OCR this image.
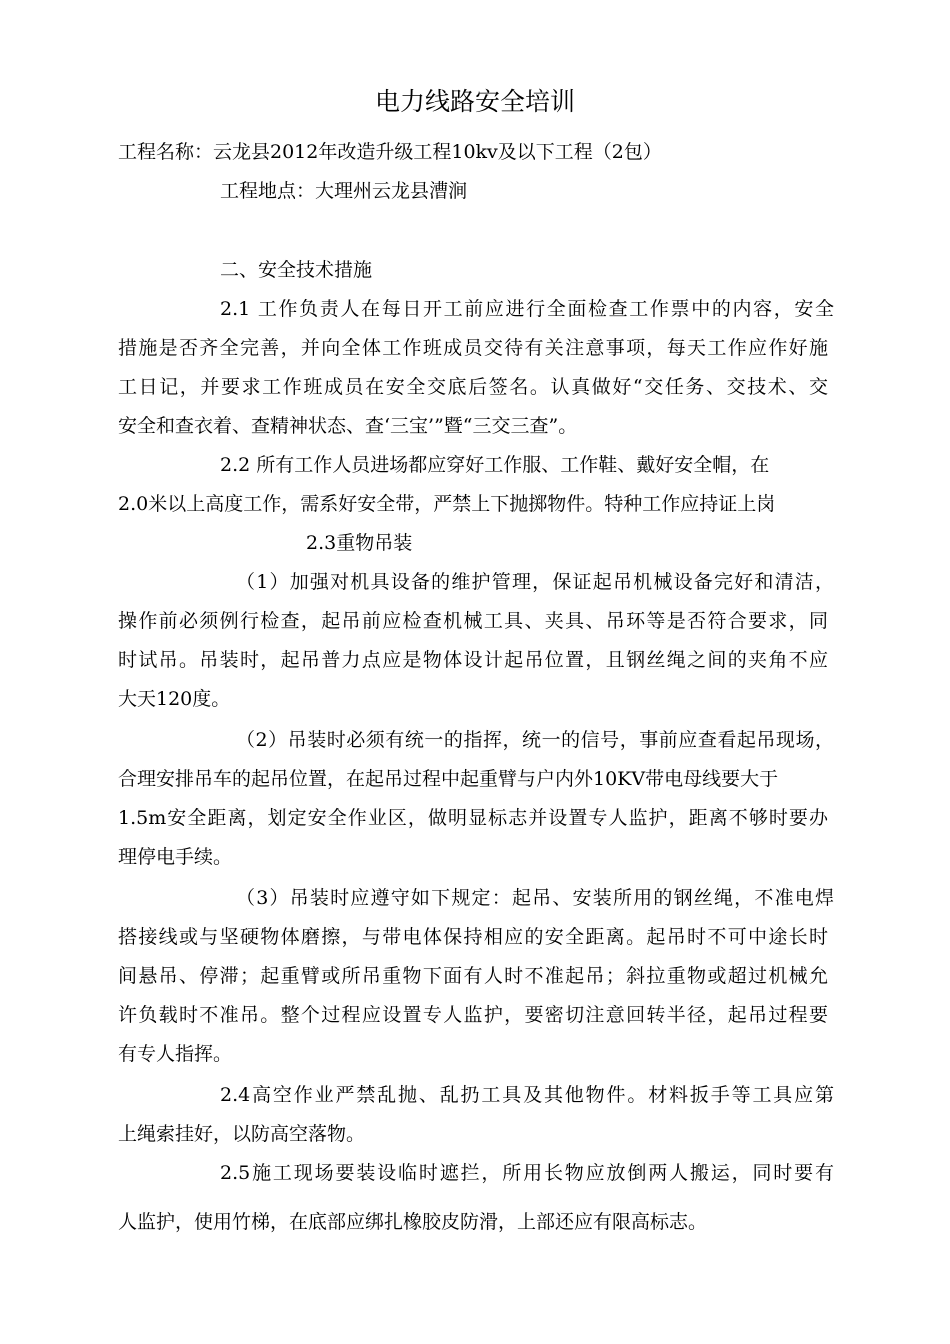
电力线路安全培训
工程名称：云龙县2012年改造升级工程10kv及以下工程（2包）
工程地点：大理州云龙县漕涧
二、安全技术措施
2.1 工作负责人在每日开工前应进行全面检查工作票中的内容，安全
措施是否齐全完善，并向全体工作班成员交待有关注意事项，每天工作应作好施
工日记，并要求工作班成员在安全交底后签名。认真做好“交任务、交技术、交
安全和查衣着、查精神状态、查‘三宝’”暨“三交三查”。
2.2 所有工作人员进场都应穿好工作服、工作鞋、戴好安全帽，在
2.0米以上高度工作，需系好安全带，严禁上下抛掷物件。特种工作应持证上岗
2.3重物吊装
（1）加强对机具设备的维护管理，保证起吊机械设备完好和清洁，
操作前必须例行检查，起吊前应检查机械工具、夹具、吊环等是否符合要求，同
时试吊。吊装时，起吊普力点应是物体设计起吊位置，且钢丝绳之间的夹角不应
大天120度。
（2）吊装时必须有统一的指挥，统一的信号，事前应查看起吊现场，
合理安排吊车的起吊位置，在起吊过程中起重臂与户内外10KV带电母线要大于
1.5m安全距离，划定安全作业区，做明显标志并设置专人监护，距离不够时要办
理停电手续。
（3）吊装时应遵守如下规定：起吊、安装所用的钢丝绳，不准电焊
搭接线或与坚硬物体磨擦，与带电体保持相应的安全距离。起吊时不可中途长时
间悬吊、停滞；起重臂或所吊重物下面有人时不准起吊；斜拉重物或超过机械允
许负载时不准吊。整个过程应设置专人监护，要密切注意回转半径，起吊过程要
有专人指挥。
2.4高空作业严禁乱抛、乱扔工具及其他物件。材料扳手等工具应第
上绳索挂好，以防高空落物。
2.5施工现场要装设临时遮拦，所用长物应放倒两人搬运，同时要有
人监护，使用竹梯，在底部应绑扎橡胶皮防滑，上部还应有限高标志。
